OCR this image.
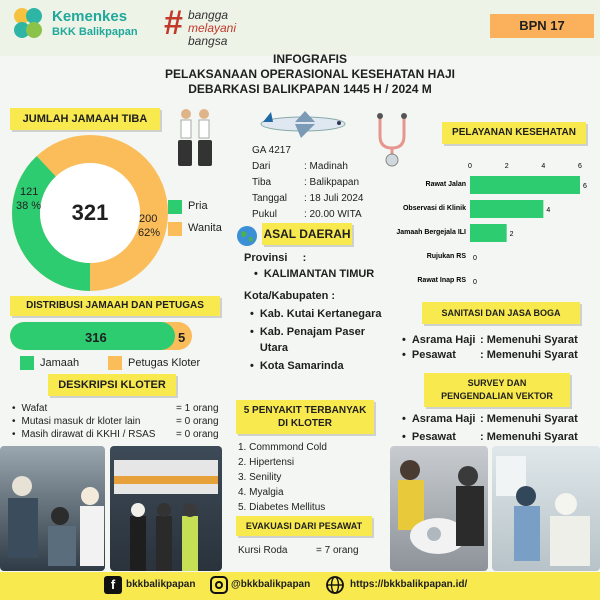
Kemenkes
BKK Balikpapan # bangga
melayani
bangsa
BPN 17
INFOGRAFIS
PELAKSANAAN OPERASIONAL KESEHATAN HAJI
DEBARKASI BALIKPAPAN 1445 H / 2024 M
JUMLAH JAMAAH TIBA
321
121
38 %
200
62%
Pria
Wanita
GA 4217
Dari	: Madinah
Tiba	: Balikpapan
Tanggal	: 18 Juli 2024
Pukul	: 20.00 WITA
ASAL DAERAH
Provinsi     :
• KALIMANTAN TIMUR
Kota/Kabupaten :
• Kab. Kutai Kertanegara
• Kab. Penajam Paser Utara
• Kota Samarinda
PELAYANAN KESEHATAN
0	2	4	6
Rawat Jalan	6
Observasi di Klinik	4
Jamaah Bergejala ILI	2
Rujukan RS 0
Rawat Inap RS 0
SANITASI DAN JASA BOGA
• Asrama Haji : Memenuhi Syarat
• Pesawat	: Memenuhi Syarat
SURVEY DAN
PENGENDALIAN VEKTOR
• Asrama Haji : Memenuhi Syarat
• Pesawat	: Memenuhi Syarat
DISTRIBUSI JAMAAH DAN PETUGAS
316	5
Jamaah	Petugas Kloter
DESKRIPSI KLOTER
• Wafat	= 1 orang
• Mutasi masuk dr kloter lain	= 0 orang
• Masih dirawat di KKHI / RSAS	= 0 orang
5 PENYAKIT TERBANYAK
DI KLOTER
1. Commmond Cold
2. Hipertensi
3. Senility
4. Myalgia
5. Diabetes Mellitus
EVAKUASI DARI PESAWAT
Kursi Roda	= 7 orang
f	bkkbalikpapan	@bkkbalikpapan	https://bkkbalikpapan.id/
